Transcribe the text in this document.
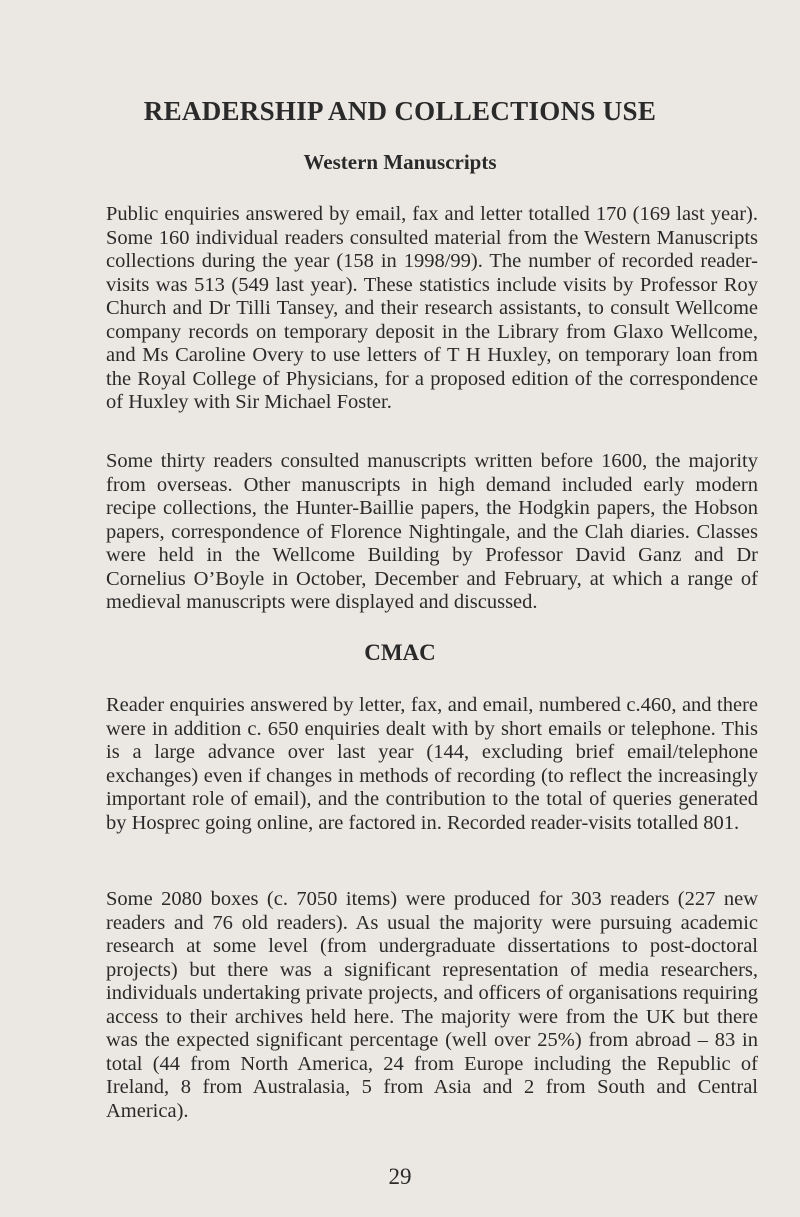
READERSHIP AND COLLECTIONS USE
Western Manuscripts

Public enquiries answered by email, fax and letter totalled 170 (169 last year). Some 160 individual readers consulted material from the Western Manuscripts collections during the year (158 in 1998/99). The number of recorded reader-visits was 513 (549 last year). These statistics include visits by Professor Roy Church and Dr Tilli Tansey, and their research assistants, to consult Wellcome company records on temporary deposit in the Library from Glaxo Wellcome, and Ms Caroline Overy to use letters of T H Huxley, on temporary loan from the Royal College of Physicians, for a proposed edition of the correspondence of Huxley with Sir Michael Foster.

Some thirty readers consulted manuscripts written before 1600, the majority from overseas. Other manuscripts in high demand included early modern recipe collections, the Hunter-Baillie papers, the Hodgkin papers, the Hobson papers, correspondence of Florence Nightingale, and the Clah diaries. Classes were held in the Wellcome Building by Professor David Ganz and Dr Cornelius O’Boyle in October, December and February, at which a range of medieval manuscripts were displayed and discussed.

CMAC

Reader enquiries answered by letter, fax, and email, numbered c.460, and there were in addition c. 650 enquiries dealt with by short emails or telephone. This is a large advance over last year (144, excluding brief email/telephone exchanges) even if changes in methods of recording (to reflect the increasingly important role of email), and the contribution to the total of queries generated by Hosprec going online, are factored in. Recorded reader-visits totalled 801.

Some 2080 boxes (c. 7050 items) were produced for 303 readers (227 new readers and 76 old readers). As usual the majority were pursuing academic research at some level (from undergraduate dissertations to post-doctoral projects) but there was a significant representation of media researchers, individuals undertaking private projects, and officers of organisations requiring access to their archives held here. The majority were from the UK but there was the expected significant percentage (well over 25%) from abroad – 83 in total (44 from North America, 24 from Europe including the Republic of Ireland, 8 from Australasia, 5 from Asia and 2 from South and Central America).

29
